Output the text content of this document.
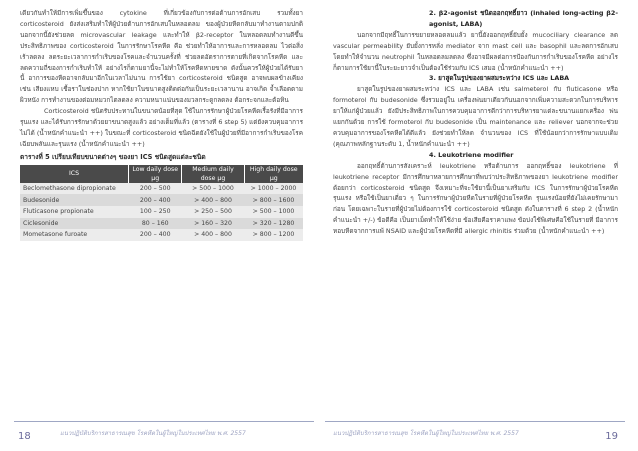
เดียวกันทำให้มีการเพิ่มขึ้นของ cytokine ที่เกี่ยวข้องกับการต่อต้านการอักเสบ รวมทั้งยา corticosteroid ยังส่งเสริมทำให้ผู้ป่วยต้านการอักเสบในหลอดลม ของผู้ป่วยหืดกลับมาทำงานตามปกติ นอกจากนี้ยังช่วยลด microvascular leakage และทำให้ β2-receptor ในหลอดลมทำงานดีขึ้น ประสิทธิภาพของ corticosteroid ในการรักษาโรคหืด คือ ช่วยทำให้อาการและการหลอดลม ไวต่อสิ่งเร้าลดลง ลดระยะเวลาการกำเริบของโรคและจำนวนครั้งที่ ช่วยลดอัตราการตายที่เกิดจากโรคหืด และลดความถี่ของการกำเริบทำให้ อย่างไรก็ตามยานี้จะไม่ทำให้โรคหืดหายขาด ดังนั้นควรให้ผู้ป่วยได้รับยานี้ อาการของหืดอาจกลับมาอีกในเวลาไม่นาน การใช้ยา corticosteroid ชนิดสูด อาจพบผลข้างเคียง เช่น เสียงแหบ เชื้อราในช่องปาก หากใช้ยาในขนาดสูงติดต่อกันเป็นระยะเวลานาน อาจเกิด จ้ำเลือดตามผิวหนัง การทำงานของต่อมหมวกไตลดลง ความหนาแน่นของมวลกระดูกลดลง ต้อกระจกและต้อหิน

Corticosteroid ชนิดรับประทานในขนาดน้อยที่สุด ใช้ในการรักษาผู้ป่วยโรคหืดเรื้อรังที่มีอาการรุนแรง และได้รับการรักษาด้วยยาขนาดสูงแล้ว อย่างเต็มที่แล้ว (ตารางที่ 6 step 5) แต่ยังควบคุมอาการไม่ได้ (น้ำหนักคำแนะนำ ++) ในขณะที่ corticosteroid ชนิดฉีดยังใช้ในผู้ป่วยที่มีอาการกำเริบของโรค เฉียบพลันและรุนแรง (น้ำหนักคำแนะนำ ++)

ตารางที่ 5 เปรียบเทียบขนาดต่างๆ ของยา ICS ชนิดสูดแต่ละชนิด
ICS	Low daily dose μg	Medium daily dose μg	High daily dose μg
Beclomethasone dipropionate	200 – 500	> 500 – 1000	> 1000 – 2000
Budesonide	200 – 400	> 400 – 800	> 800 – 1600
Fluticasone propionate	100 – 250	> 250 – 500	> 500 – 1000
Ciclesonide	80 – 160	> 160 – 320	> 320 – 1280
Mometasone furoate	200 – 400	> 400 – 800	> 800 – 1200
18	แนวปฏิบัติบริการสาธารณสุข โรคหืดในผู้ใหญ่ในประเทศไทย พ.ศ. 2557

2. β2-agonist ชนิดออกฤทธิ์ยาว (inhaled long-acting β2-agonist, LABA)

นอกจากมีฤทธิ์ในการขยายหลอดลมแล้ว ยานี้ยังออกฤทธิ์ยับยั้ง mucociliary clearance ลด vascular permeability ยับยั้งการหลั่ง mediator จาก mast cell และ basophil และลดการอักเสบโดยทำให้จำนวน neutrophil ในหลอดลมลดลง ซึ่งอาจมีผลต่อการป้องกันการกำเริบของโรคหืด อย่างไรก็ตามการใช้ยานี้ในระยะยาวจำเป็นต้องใช้ร่วมกับ ICS เสมอ (น้ำหนักคำแนะนำ ++)

3. ยาสูดในรูปของยาผสมระหว่าง ICS และ LABA

ยาสูดในรูปของยาผสมระหว่าง ICS และ LABA เช่น salmeterol กับ fluticasone หรือ formoterol กับ budesonide ซึ่งรวมอยู่ใน เครื่องพ่นยาเดียวกันนอกจากเพิ่มความสะดวกในการบริหารยาให้แก่ผู้ป่วยแล้ว ยังมีประสิทธิภาพในการควบคุมอาการดีกว่าการบริหารยาแต่ละขนานแยกเครื่อง พ่นแยกกันด้วย การใช้ formoterol กับ budesonide เป็น maintenance และ reliever นอกจากจะช่วยควบคุมอาการของโรคหืดได้ดีแล้ว ยังช่วยทำให้ลด จำนวนของ ICS ที่ใช้น้อยกว่าการรักษาแบบเดิม (คุณภาพหลักฐานระดับ 1, น้ำหนักคำแนะนำ ++)

4. Leukotriene modifier

ออกฤทธิ์ต้านการสังเคราะห์ leukotriene หรือต้านการ ออกฤทธิ์ของ leukotriene ที่ leukotriene receptor มีการศึกษาหลายการศึกษาที่พบว่าประสิทธิภาพของยา leukotriene modifier ด้อยกว่า corticosteroid ชนิดสูด จึงเหมาะที่จะใช้ยานี้เป็นยาเสริมกับ ICS ในการรักษาผู้ป่วยโรคหืดรุนแรง หรือใช้เป็นยาเดี่ยว ๆ ในการรักษาผู้ป่วยหืดในรายที่ผู้ป่วยโรคหืด รุนแรงน้อยที่ยังไม่เคยรักษามาก่อน โดยเฉพาะในรายที่ผู้ป่วยไม่ต้องการใช้ corticosteroid ชนิดสูด ดังในตารางที่ 6 step 2 (น้ำหนักคำแนะนำ +/-) ข้อดีคือ เป็นยาเม็ดทำให้ใช้ง่าย ข้อเสียคือราคาแพง ข้อบ่งใช้พิเศษคือใช้ในรายที่ มีอาการหอบหืดจากการแพ้ NSAID และผู้ป่วยโรคหืดที่มี allergic rhinitis ร่วมด้วย (น้ำหนักคำแนะนำ ++)

แนวปฏิบัติบริการสาธารณสุข โรคหืดในผู้ใหญ่ในประเทศไทย พ.ศ. 2557	19
